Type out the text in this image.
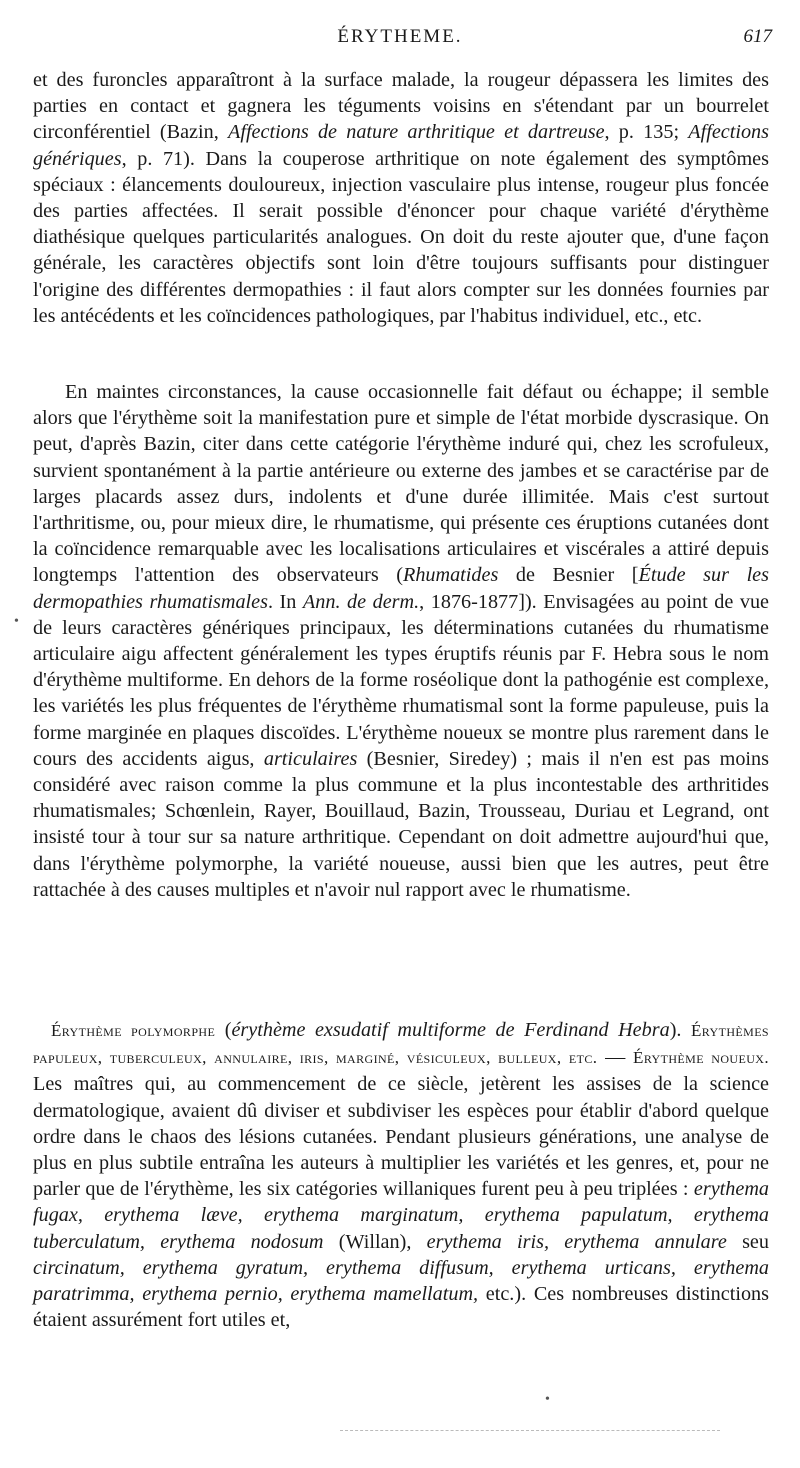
ÉRYTHEME.	617
et des furoncles apparaîtront à la surface malade, la rougeur dépassera les limites des parties en contact et gagnera les téguments voisins en s'étendant par un bourrelet circonférentiel (Bazin, Affections de nature arthritique et dartreuse, p. 135; Affections génériques, p. 71). Dans la couperose arthritique on note également des symptômes spéciaux : élancements douloureux, injection vasculaire plus intense, rougeur plus foncée des parties affectées. Il serait possible d'énoncer pour chaque variété d'érythème diathésique quelques particularités analogues. On doit du reste ajouter que, d'une façon générale, les caractères objectifs sont loin d'être toujours suffisants pour distinguer l'origine des différentes dermopathies : il faut alors compter sur les données fournies par les antécédents et les coïncidences pathologiques, par l'habitus individuel, etc., etc.
En maintes circonstances, la cause occasionnelle fait défaut ou échappe; il semble alors que l'érythème soit la manifestation pure et simple de l'état morbide dyscrasique. On peut, d'après Bazin, citer dans cette catégorie l'érythème induré qui, chez les scrofuleux, survient spontanément à la partie antérieure ou externe des jambes et se caractérise par de larges placards assez durs, indolents et d'une durée illimitée. Mais c'est surtout l'arthritisme, ou, pour mieux dire, le rhumatisme, qui présente ces éruptions cutanées dont la coïncidence remarquable avec les localisations articulaires et viscérales a attiré depuis longtemps l'attention des observateurs (Rhumatides de Besnier [Étude sur les dermopathies rhumatismales. In Ann. de derm., 1876-1877]). Envisagées au point de vue de leurs caractères génériques principaux, les déterminations cutanées du rhumatisme articulaire aigu affectent généralement les types éruptifs réunis par F. Hebra sous le nom d'érythème multiforme. En dehors de la forme roséolique dont la pathogénie est complexe, les variétés les plus fréquentes de l'érythème rhumatismal sont la forme papuleuse, puis la forme marginée en plaques discoïdes. L'érythème noueux se montre plus rarement dans le cours des accidents aigus, articulaires (Besnier, Siredey) ; mais il n'en est pas moins considéré avec raison comme la plus commune et la plus incontestable des arthritides rhumatismales; Schœnlein, Rayer, Bouillaud, Bazin, Trousseau, Duriau et Legrand, ont insisté tour à tour sur sa nature arthritique. Cependant on doit admettre aujourd'hui que, dans l'érythème polymorphe, la variété noueuse, aussi bien que les autres, peut être rattachée à des causes multiples et n'avoir nul rapport avec le rhumatisme.
Érythème polymorphe (érythème exsudatif multiforme de Ferdinand Hebra). Érythèmes papuleux, tuberculeux, annulaire, iris, marginé, vésiculeux, bulleux, etc. — Érythème noueux. Les maîtres qui, au commencement de ce siècle, jetèrent les assises de la science dermatologique, avaient dû diviser et subdiviser les espèces pour établir d'abord quelque ordre dans le chaos des lésions cutanées. Pendant plusieurs générations, une analyse de plus en plus subtile entraîna les auteurs à multiplier les variétés et les genres, et, pour ne parler que de l'érythème, les six catégories willaniques furent peu à peu triplées : erythema fugax, erythema læve, erythema marginatum, erythema papulatum, erythema tuberculatum, erythema nodosum (Willan), erythema iris, erythema annulare seu circinatum, erythema gyratum, erythema diffusum, erythema urticans, erythema paratrimma, erythema pernio, erythema mamellatum, etc.). Ces nombreuses distinctions étaient assurément fort utiles et,
•
•
